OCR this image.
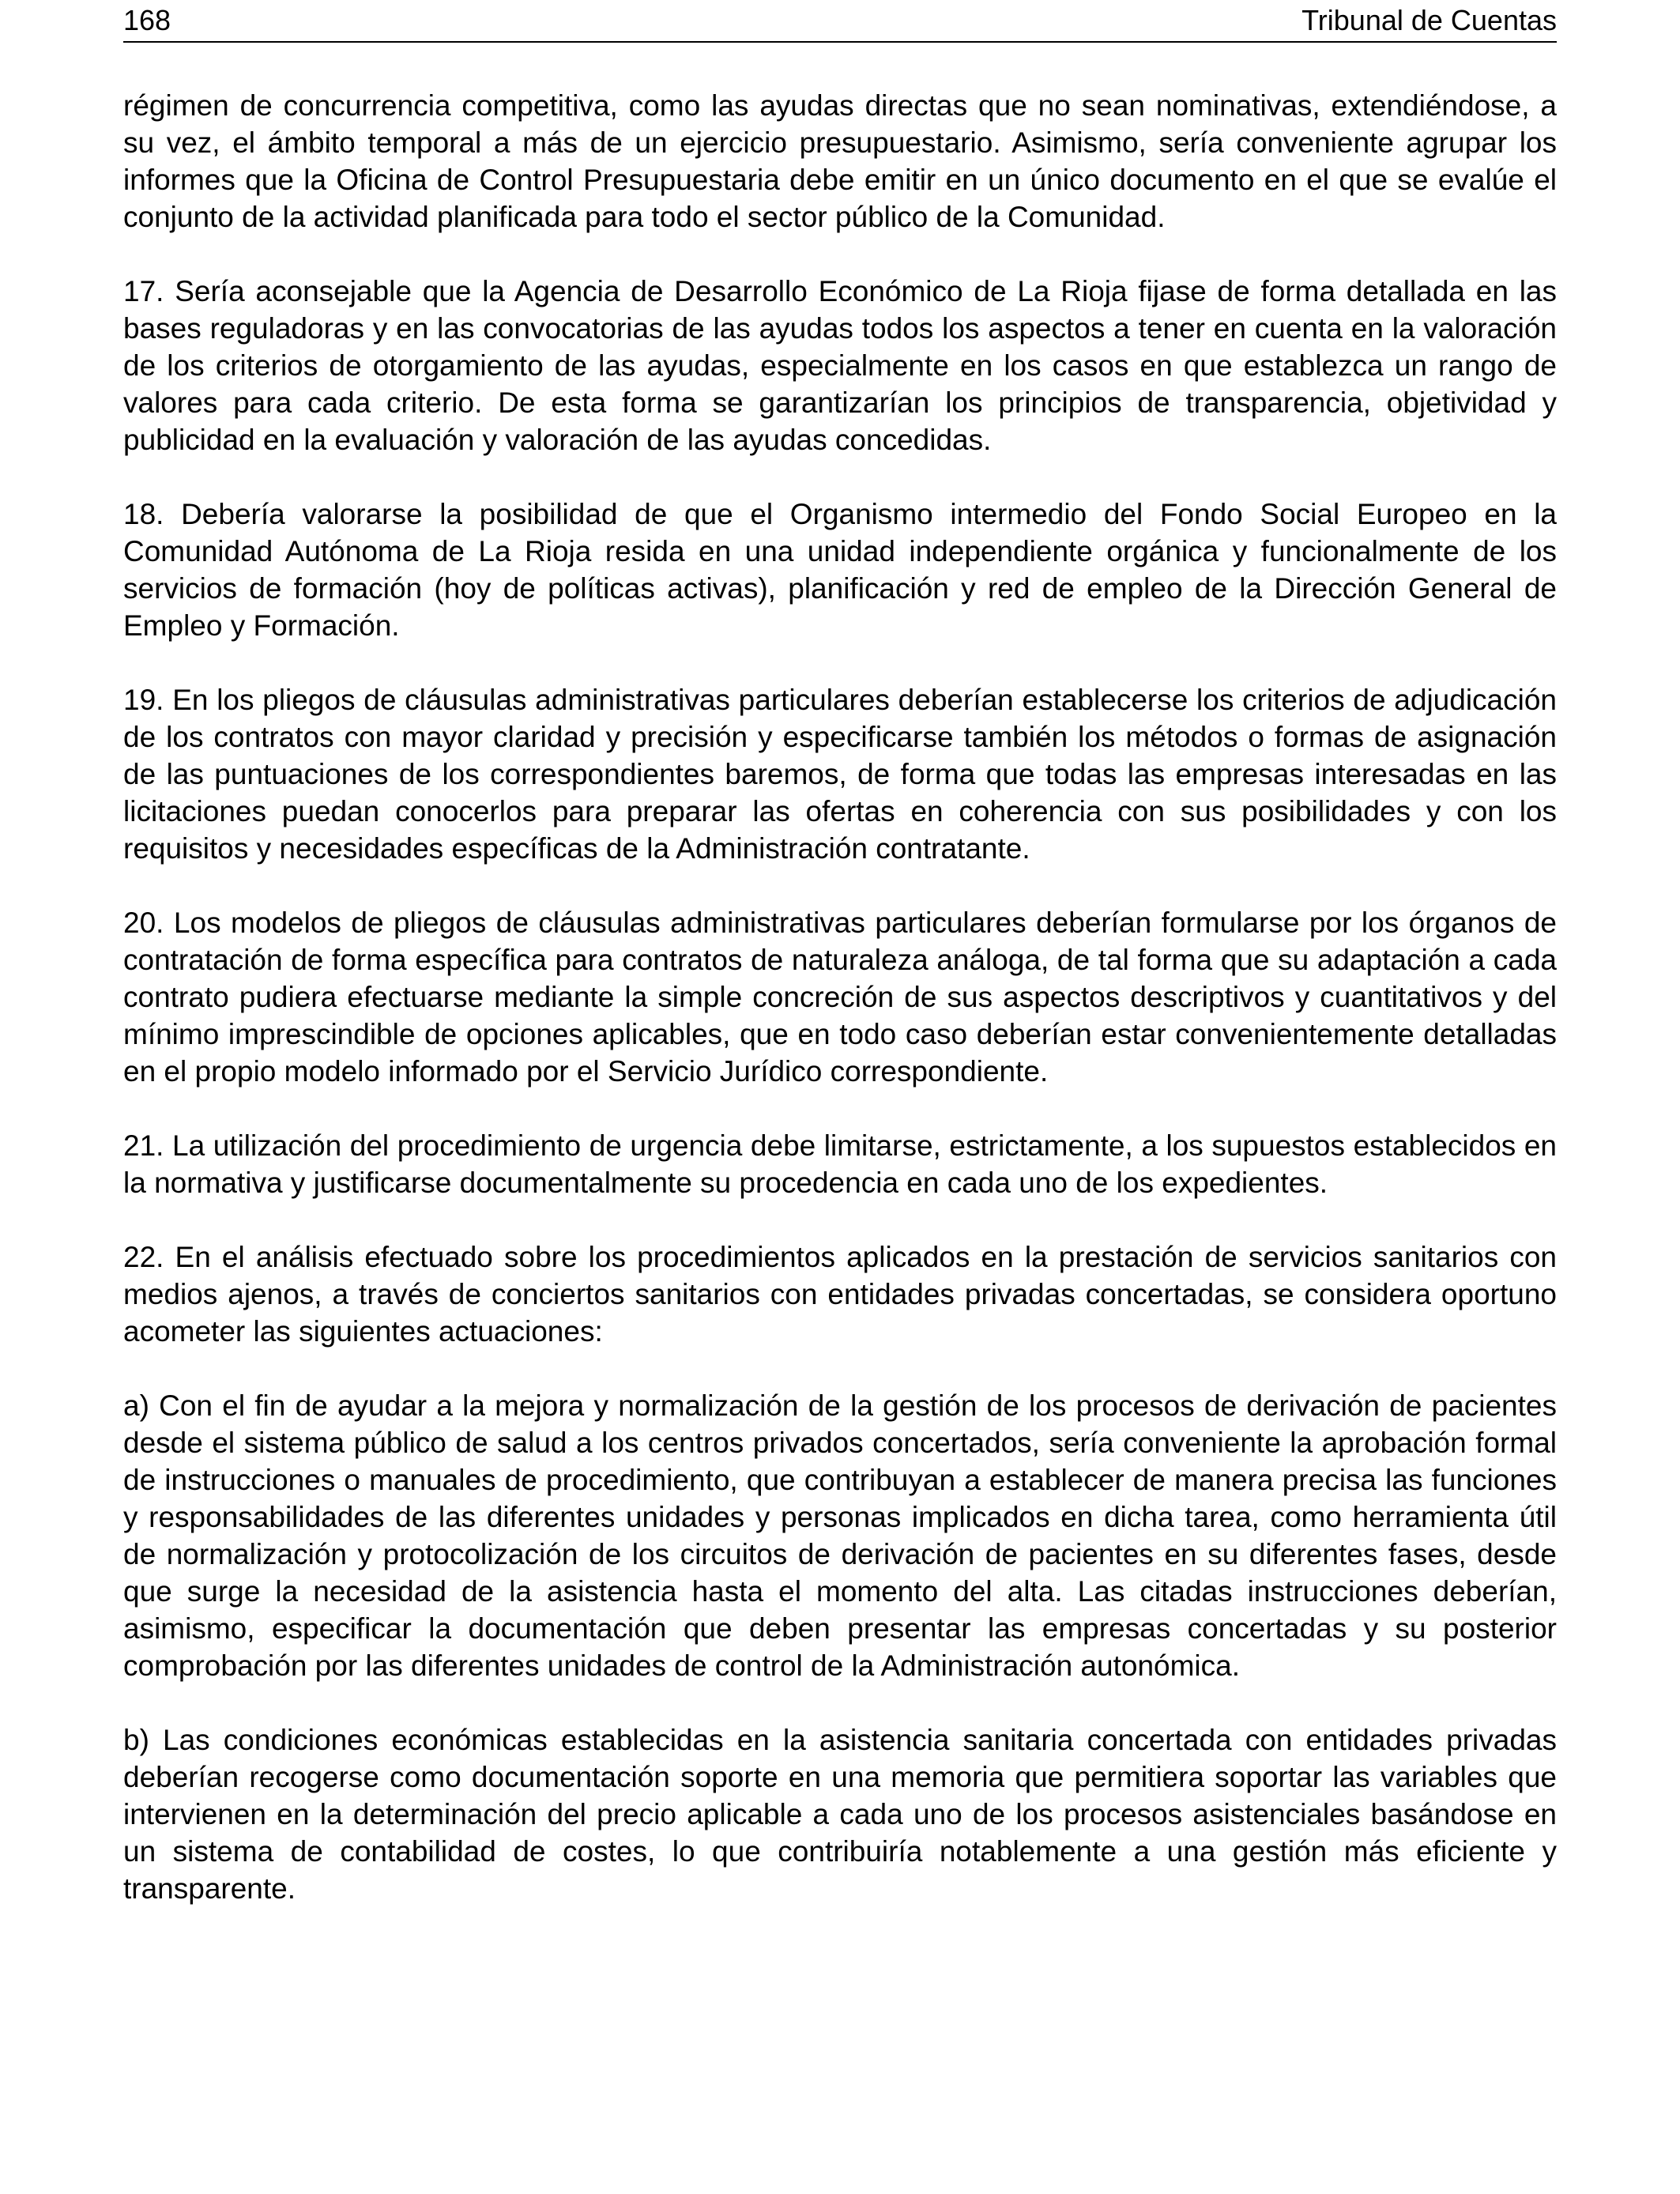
168	Tribunal de Cuentas

régimen de concurrencia competitiva, como las ayudas directas que no sean nominativas, extendiéndose, a su vez, el ámbito temporal a más de un ejercicio presupuestario. Asimismo, sería conveniente agrupar los informes que la Oficina de Control Presupuestaria debe emitir en un único documento en el que se evalúe el conjunto de la actividad planificada para todo el sector público de la Comunidad.

17. Sería aconsejable que la Agencia de Desarrollo Económico de La Rioja fijase de forma detallada en las bases reguladoras y en las convocatorias de las ayudas todos los aspectos a tener en cuenta en la valoración de los criterios de otorgamiento de las ayudas, especialmente en los casos en que establezca un rango de valores para cada criterio. De esta forma se garantizarían los principios de transparencia, objetividad y publicidad en la evaluación y valoración de las ayudas concedidas.

18. Debería valorarse la posibilidad de que el Organismo intermedio del Fondo Social Europeo en la Comunidad Autónoma de La Rioja resida en una unidad independiente orgánica y funcionalmente de los servicios de formación (hoy de políticas activas), planificación y red de empleo de la Dirección General de Empleo y Formación.

19. En los pliegos de cláusulas administrativas particulares deberían establecerse los criterios de adjudicación de los contratos con mayor claridad y precisión y especificarse también los métodos o formas de asignación de las puntuaciones de los correspondientes baremos, de forma que todas las empresas interesadas en las licitaciones puedan conocerlos para preparar las ofertas en coherencia con sus posibilidades y con los requisitos y necesidades específicas de la Administración contratante.

20. Los modelos de pliegos de cláusulas administrativas particulares deberían formularse por los órganos de contratación de forma específica para contratos de naturaleza análoga, de tal forma que su adaptación a cada contrato pudiera efectuarse mediante la simple concreción de sus aspectos descriptivos y cuantitativos y del mínimo imprescindible de opciones aplicables, que en todo caso deberían estar convenientemente detalladas en el propio modelo informado por el Servicio Jurídico correspondiente.

21. La utilización del procedimiento de urgencia debe limitarse, estrictamente, a los supuestos establecidos en la normativa y justificarse documentalmente su procedencia en cada uno de los expedientes.

22. En el análisis efectuado sobre los procedimientos aplicados en la prestación de servicios sanitarios con medios ajenos, a través de conciertos sanitarios con entidades privadas concertadas, se considera oportuno acometer las siguientes actuaciones:

a) Con el fin de ayudar a la mejora y normalización de la gestión de los procesos de derivación de pacientes desde el sistema público de salud a los centros privados concertados, sería conveniente la aprobación formal de instrucciones o manuales de procedimiento, que contribuyan a establecer de manera precisa las funciones y responsabilidades de las diferentes unidades y personas implicados en dicha tarea, como herramienta útil de normalización y protocolización de los circuitos de derivación de pacientes en su diferentes fases, desde que surge la necesidad de la asistencia hasta el momento del alta. Las citadas instrucciones deberían, asimismo, especificar la documentación que deben presentar las empresas concertadas y su posterior comprobación por las diferentes unidades de control de la Administración autonómica.

b) Las condiciones económicas establecidas en la asistencia sanitaria concertada con entidades privadas deberían recogerse como documentación soporte en una memoria que permitiera soportar las variables que intervienen en la determinación del precio aplicable a cada uno de los procesos asistenciales basándose en un sistema de contabilidad de costes, lo que contribuiría notablemente a una gestión más eficiente y transparente.
